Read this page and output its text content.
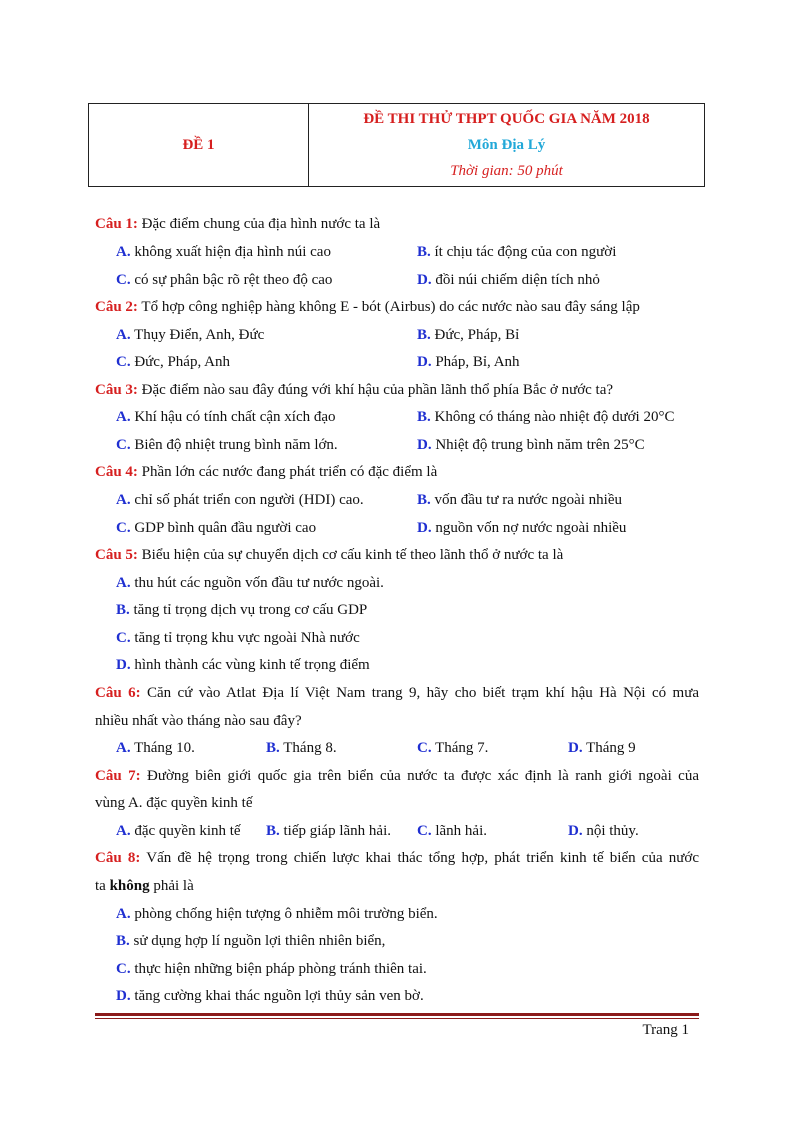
ĐỀ 1
ĐỀ THI THỬ THPT QUỐC GIA NĂM 2018
Môn Địa Lý
Thời gian: 50 phút
Câu 1: Đặc điểm chung của địa hình nước ta là
A. không xuất hiện địa hình núi cao	B. ít chịu tác động của con người
C. có sự phân bậc rõ rệt theo độ cao	D. đồi núi chiếm diện tích nhỏ
Câu 2: Tổ hợp công nghiệp hàng không E - bót (Airbus) do các nước nào sau đây sáng lập
A. Thụy Điển, Anh, Đức	B. Đức, Pháp, Bỉ
C. Đức, Pháp, Anh	D. Pháp, Bỉ, Anh
Câu 3: Đặc điểm nào sau đây đúng với khí hậu của phần lãnh thổ phía Bắc ở nước ta?
A. Khí hậu có tính chất cận xích đạo	B. Không có tháng nào nhiệt độ dưới 20°C
C. Biên độ nhiệt trung bình năm lớn.	D. Nhiệt độ trung bình năm trên 25°C
Câu 4: Phần lớn các nước đang phát triển có đặc điểm là
A. chỉ số phát triển con người (HDI) cao.	B. vốn đầu tư ra nước ngoài nhiều
C. GDP bình quân đầu người cao	D. nguồn vốn nợ nước ngoài nhiều
Câu 5: Biểu hiện của sự chuyển dịch cơ cấu kinh tế theo lãnh thổ ở nước ta là
A. thu hút các nguồn vốn đầu tư nước ngoài.
B. tăng tỉ trọng dịch vụ trong cơ cấu GDP
C. tăng tỉ trọng khu vực ngoài Nhà nước
D. hình thành các vùng kinh tế trọng điểm
Câu 6: Căn cứ vào Atlat Địa lí Việt Nam trang 9, hãy cho biết trạm khí hậu Hà Nội có mưa
nhiều nhất vào tháng nào sau đây?
A. Tháng 10.	B. Tháng 8.	C. Tháng 7.	D. Tháng 9
Câu 7: Đường biên giới quốc gia trên biển của nước ta được xác định là ranh giới ngoài của
vùng A. đặc quyền kinh tế
A. đặc quyền kinh tế B. tiếp giáp lãnh hải. C. lãnh hải.	D. nội thủy.
Câu 8: Vấn đề hệ trọng trong chiến lược khai thác tổng hợp, phát triển kinh tế biển của nước
ta không phải là
A. phòng chống hiện tượng ô nhiễm môi trường biển.
B. sử dụng hợp lí nguồn lợi thiên nhiên biển,
C. thực hiện những biện pháp phòng tránh thiên tai.
D. tăng cường khai thác nguồn lợi thủy sản ven bờ.
Trang 1
